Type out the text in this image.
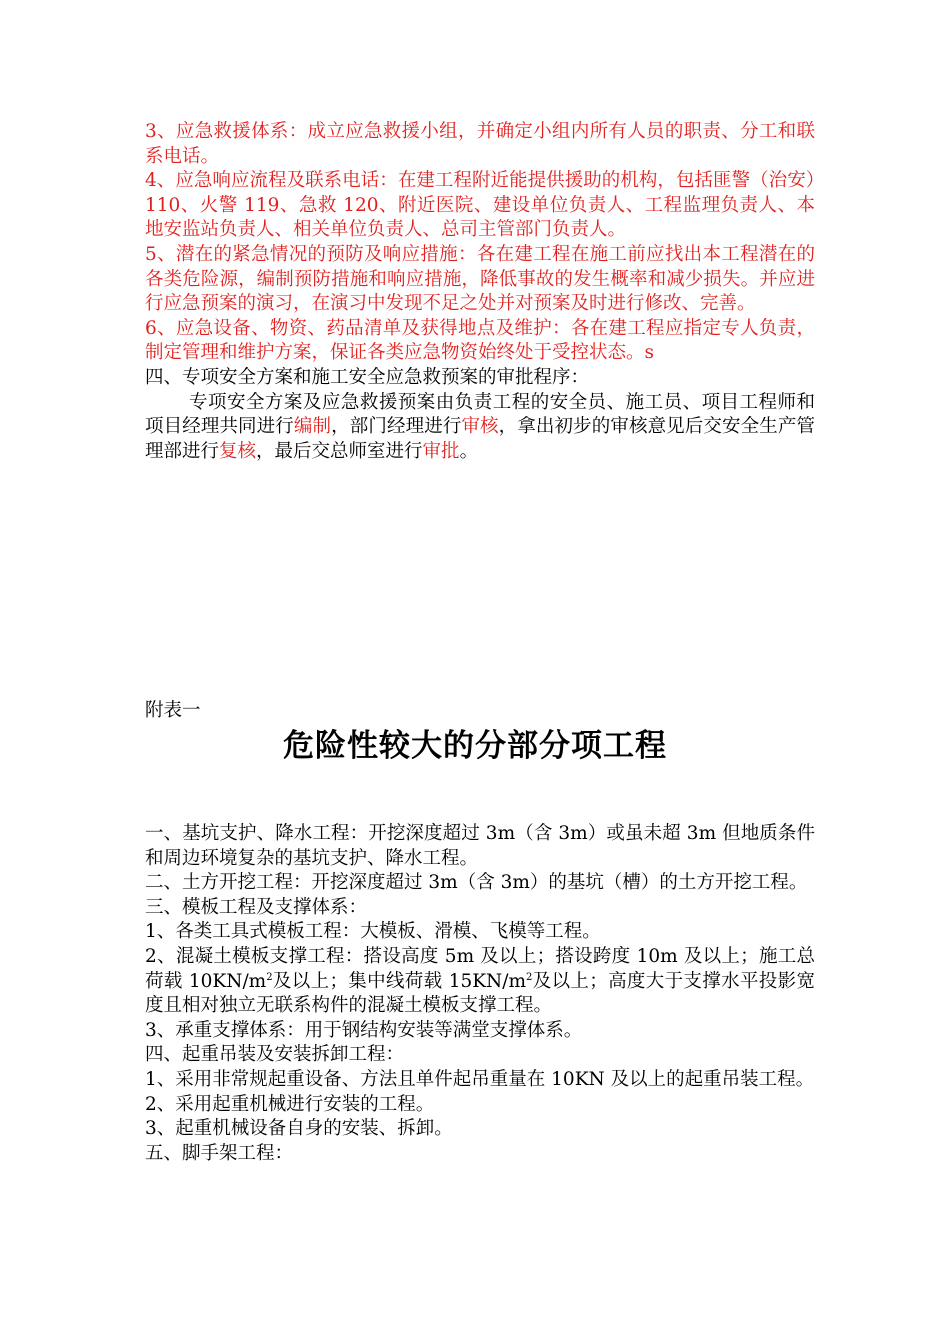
3、应急救援体系：成立应急救援小组，并确定小组内所有人员的职责、分工和联系电话。

4、应急响应流程及联系电话：在建工程附近能提供援助的机构，包括匪警（治安）110、火警 119、急救 120、附近医院、建设单位负责人、工程监理负责人、本地安监站负责人、相关单位负责人、总司主管部门负责人。

5、潜在的紧急情况的预防及响应措施：各在建工程在施工前应找出本工程潜在的各类危险源，编制预防措施和响应措施，降低事故的发生概率和减少损失。并应进行应急预案的演习，在演习中发现不足之处并对预案及时进行修改、完善。

6、应急设备、物资、药品清单及获得地点及维护：各在建工程应指定专人负责，制定管理和维护方案，保证各类应急物资始终处于受控状态。s

四、专项安全方案和施工安全应急救预案的审批程序：

专项安全方案及应急救援预案由负责工程的安全员、施工员、项目工程师和项目经理共同进行编制，部门经理进行审核，拿出初步的审核意见后交安全生产管理部进行复核，最后交总师室进行审批。

附表一
危险性较大的分部分项工程

一、基坑支护、降水工程：开挖深度超过 3m（含 3m）或虽未超 3m 但地质条件和周边环境复杂的基坑支护、降水工程。

二、土方开挖工程：开挖深度超过 3m（含 3m）的基坑（槽）的土方开挖工程。

三、模板工程及支撑体系：

1、各类工具式模板工程：大模板、滑模、飞模等工程。

2、混凝土模板支撑工程：搭设高度 5m 及以上；搭设跨度 10m 及以上；施工总荷载 $10KN/m^2$及以上；集中线荷载 $15KN/m^2$及以上；高度大于支撑水平投影宽度且相对独立无联系构件的混凝土模板支撑工程。

3、承重支撑体系：用于钢结构安装等满堂支撑体系。

四、起重吊装及安装拆卸工程：

1、采用非常规起重设备、方法且单件起吊重量在 10KN 及以上的起重吊装工程。

2、采用起重机械进行安装的工程。

3、起重机械设备自身的安装、拆卸。

五、脚手架工程：
